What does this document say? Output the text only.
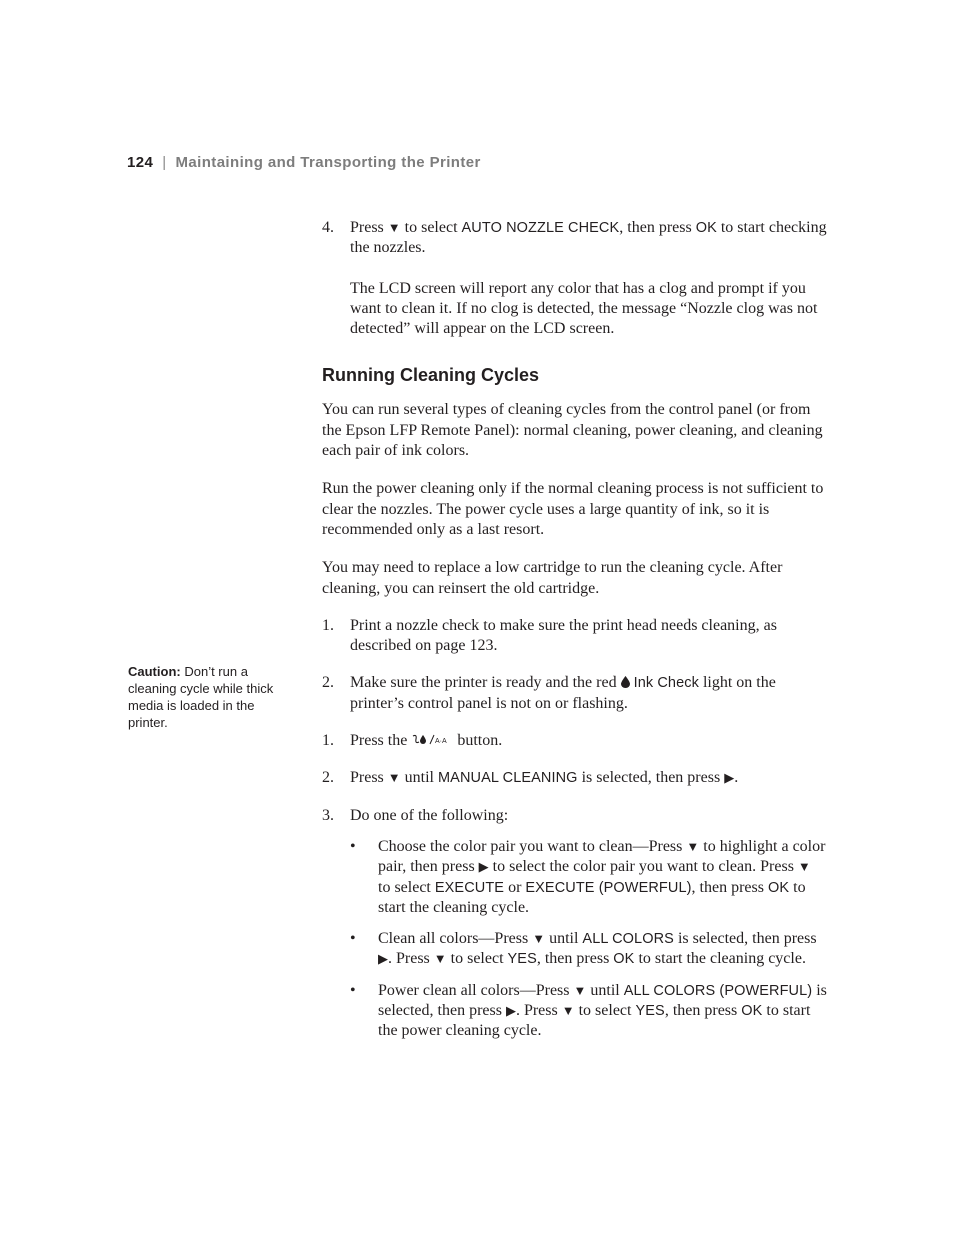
124 | Maintaining and Transporting the Printer
Caution: Don’t run a cleaning cycle while thick media is loaded in the printer.
4. Press ▼ to select AUTO NOZZLE CHECK, then press OK to start checking the nozzles.

The LCD screen will report any color that has a clog and prompt if you want to clean it. If no clog is detected, the message “Nozzle clog was not detected” will appear on the LCD screen.

Running Cleaning Cycles

You can run several types of cleaning cycles from the control panel (or from the Epson LFP Remote Panel): normal cleaning, power cleaning, and cleaning each pair of ink colors.

Run the power cleaning only if the normal cleaning process is not sufficient to clear the nozzles. The power cycle uses a large quantity of ink, so it is recommended only as a last resort.

You may need to replace a low cartridge to run the cleaning cycle. After cleaning, you can reinsert the old cartridge.

1. Print a nozzle check to make sure the print head needs cleaning, as described on page 123.

2. Make sure the printer is ready and the red  Ink Check light on the printer’s control panel is not on or flashing.

1. Press the	A·A button.

2. Press ▼ until MANUAL CLEANING is selected, then press ▶.

3. Do one of the following:

• Choose the color pair you want to clean—Press ▼ to highlight a color pair, then press ▶ to select the color pair you want to clean. Press ▼ to select EXECUTE or EXECUTE (POWERFUL), then press OK to start the cleaning cycle.

• Clean all colors—Press ▼ until ALL COLORS is selected, then press ▶. Press ▼ to select YES, then press OK to start the cleaning cycle.

• Power clean all colors—Press ▼ until ALL COLORS (POWERFUL) is selected, then press ▶. Press ▼ to select YES, then press OK to start the power cleaning cycle.
